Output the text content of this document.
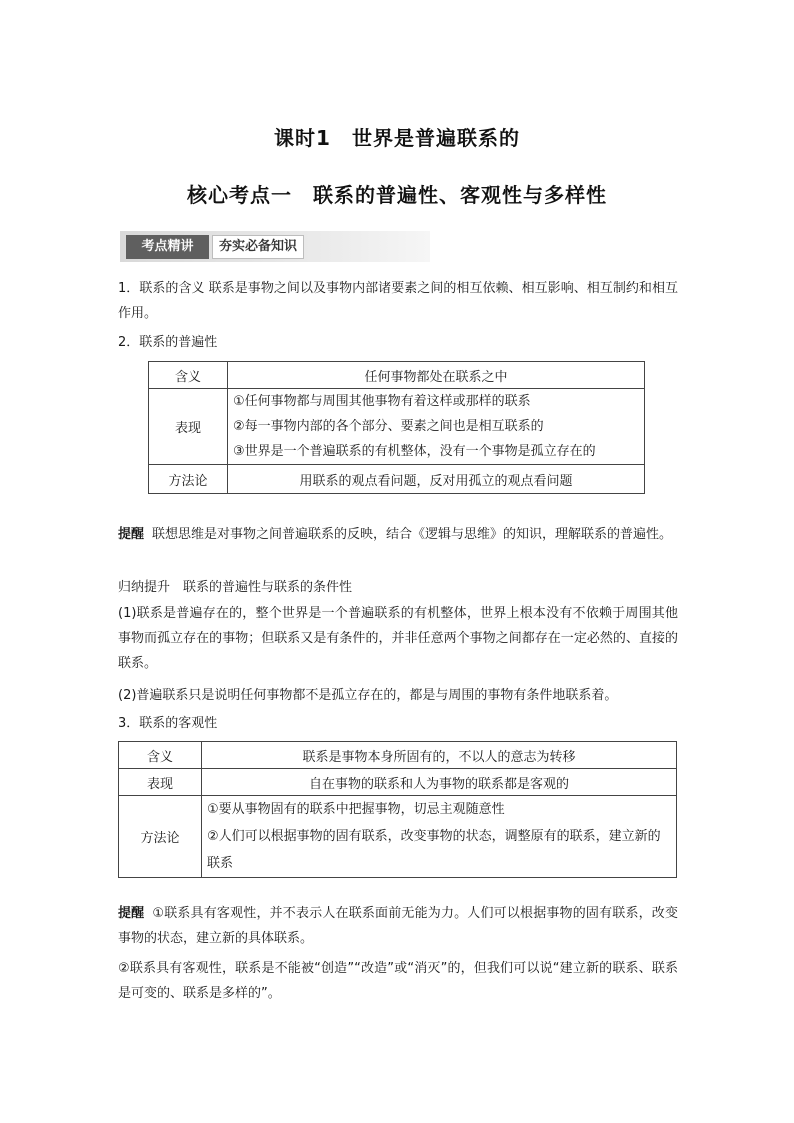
课时1　世界是普遍联系的
核心考点一　联系的普遍性、客观性与多样性
考点精讲	夯实必备知识
1．联系的含义 联系是事物之间以及事物内部诸要素之间的相互依赖、相互影响、相互制约和相互作用。
2．联系的普遍性
含义	任何事物都处在联系之中
表现	①任何事物都与周围其他事物有着这样或那样的联系
②每一事物内部的各个部分、要素之间也是相互联系的
③世界是一个普遍联系的有机整体，没有一个事物是孤立存在的

方法论	用联系的观点看问题，反对用孤立的观点看问题
提醒 联想思维是对事物之间普遍联系的反映，结合《逻辑与思维》的知识，理解联系的普遍性。
归纳提升　联系的普遍性与联系的条件性
(1)联系是普遍存在的，整个世界是一个普遍联系的有机整体，世界上根本没有不依赖于周围其他事物而孤立存在的事物；但联系又是有条件的，并非任意两个事物之间都存在一定必然的、直接的联系。
(2)普遍联系只是说明任何事物都不是孤立存在的，都是与周围的事物有条件地联系着。
3．联系的客观性
含义	联系是事物本身所固有的，不以人的意志为转移
表现	自在事物的联系和人为事物的联系都是客观的
方法论	①要从事物固有的联系中把握事物，切忌主观随意性
②人们可以根据事物的固有联系，改变事物的状态，调整原有的联系，建立新的联系
提醒 ①联系具有客观性，并不表示人在联系面前无能为力。人们可以根据事物的固有联系，改变事物的状态，建立新的具体联系。
②联系具有客观性，联系是不能被“创造”“改造”或“消灭”的，但我们可以说“建立新的联系、联系是可变的、联系是多样的”。
